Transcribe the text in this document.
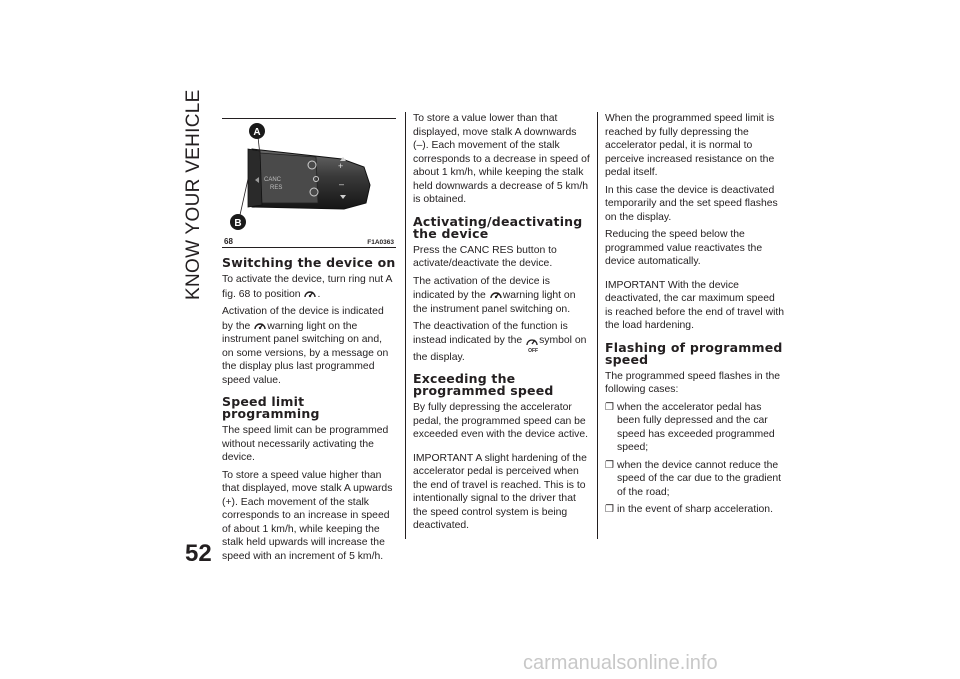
KNOW YOUR VEHICLE
52
CANC
RES
+
–
A
B
68	F1A0363
Switching the device on

To activate the device, turn ring nut A fig. 68 to position .

Activation of the device is indicated by the warning light on the instrument panel switching on and, on some versions, by a message on the display plus last programmed speed value.

Speed limit programming

The speed limit can be programmed without necessarily activating the device.

To store a speed value higher than that displayed, move stalk A upwards (+). Each movement of the stalk corresponds to an increase in speed of about 1 km/h, while keeping the stalk held upwards will increase the speed with an increment of 5 km/h.

To store a value lower than that displayed, move stalk A downwards (–). Each movement of the stalk corresponds to a decrease in speed of about 1 km/h, while keeping the stalk held downwards a decrease of 5 km/h is obtained.

Activating/deactivating the device

Press the CANC RES button to activate/deactivate the device.

The activation of the device is indicated by the warning light on the instrument panel switching on.

The deactivation of the function is instead indicated by the
OFF
symbol on the display.

Exceeding the programmed speed

By fully depressing the accelerator pedal, the programmed speed can be exceeded even with the device active.

IMPORTANT A slight hardening of the accelerator pedal is perceived when the end of travel is reached. This is to intentionally signal to the driver that the speed control system is being deactivated.

When the programmed speed limit is reached by fully depressing the accelerator pedal, it is normal to perceive increased resistance on the pedal itself.

In this case the device is deactivated temporarily and the set speed flashes on the display.

Reducing the speed below the programmed value reactivates the device automatically.

IMPORTANT With the device deactivated, the car maximum speed is reached before the end of travel with the load hardening.

Flashing of programmed speed

The programmed speed flashes in the following cases:

❐ when the accelerator pedal has been fully depressed and the car speed has exceeded programmed speed;
❐ when the device cannot reduce the speed of the car due to the gradient of the road;
❐ in the event of sharp acceleration.
carmanualsonline.info
